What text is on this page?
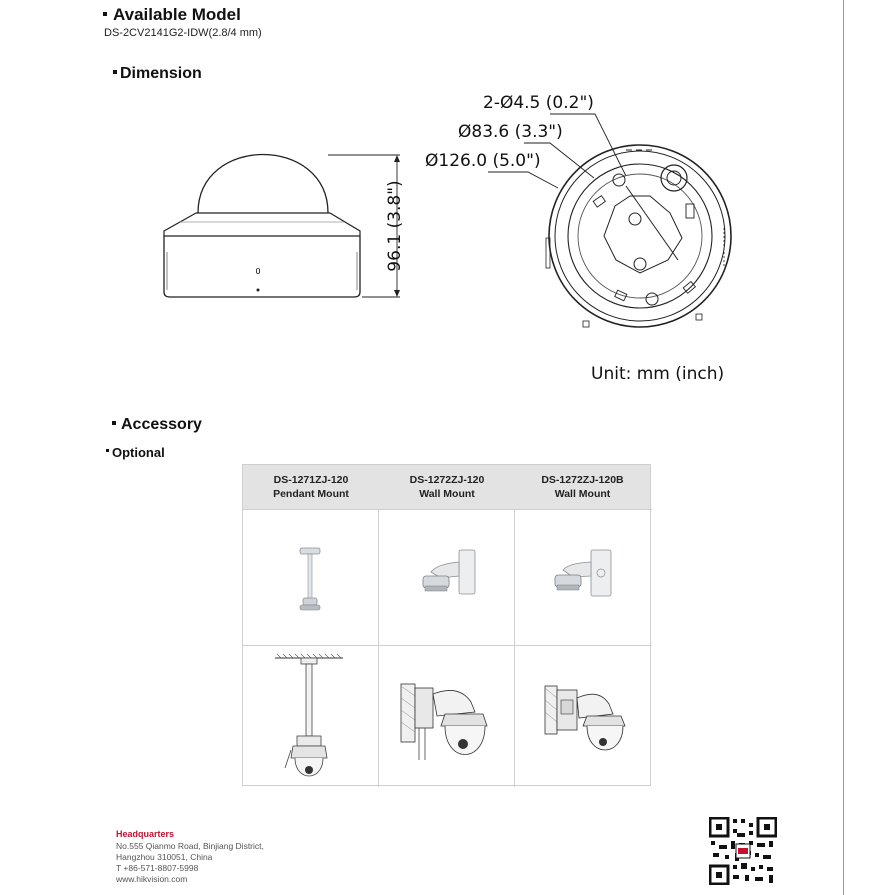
Available Model
DS-2CV2141G2-IDW(2.8/4 mm)
Dimension
0	96.1 (3.8")
2-Ø4.5 (0.2")
Ø83.6 (3.3")
Ø126.0 (5.0")
Unit: mm (inch)
Accessory
Optional
DS-1271ZJ-120
Pendant Mount
DS-1272ZJ-120
Wall Mount
DS-1272ZJ-120B
Wall Mount
Headquarters
No.555 Qianmo Road, Binjiang District,
Hangzhou 310051, China
T +86-571-8807-5998
www.hikvision.com
